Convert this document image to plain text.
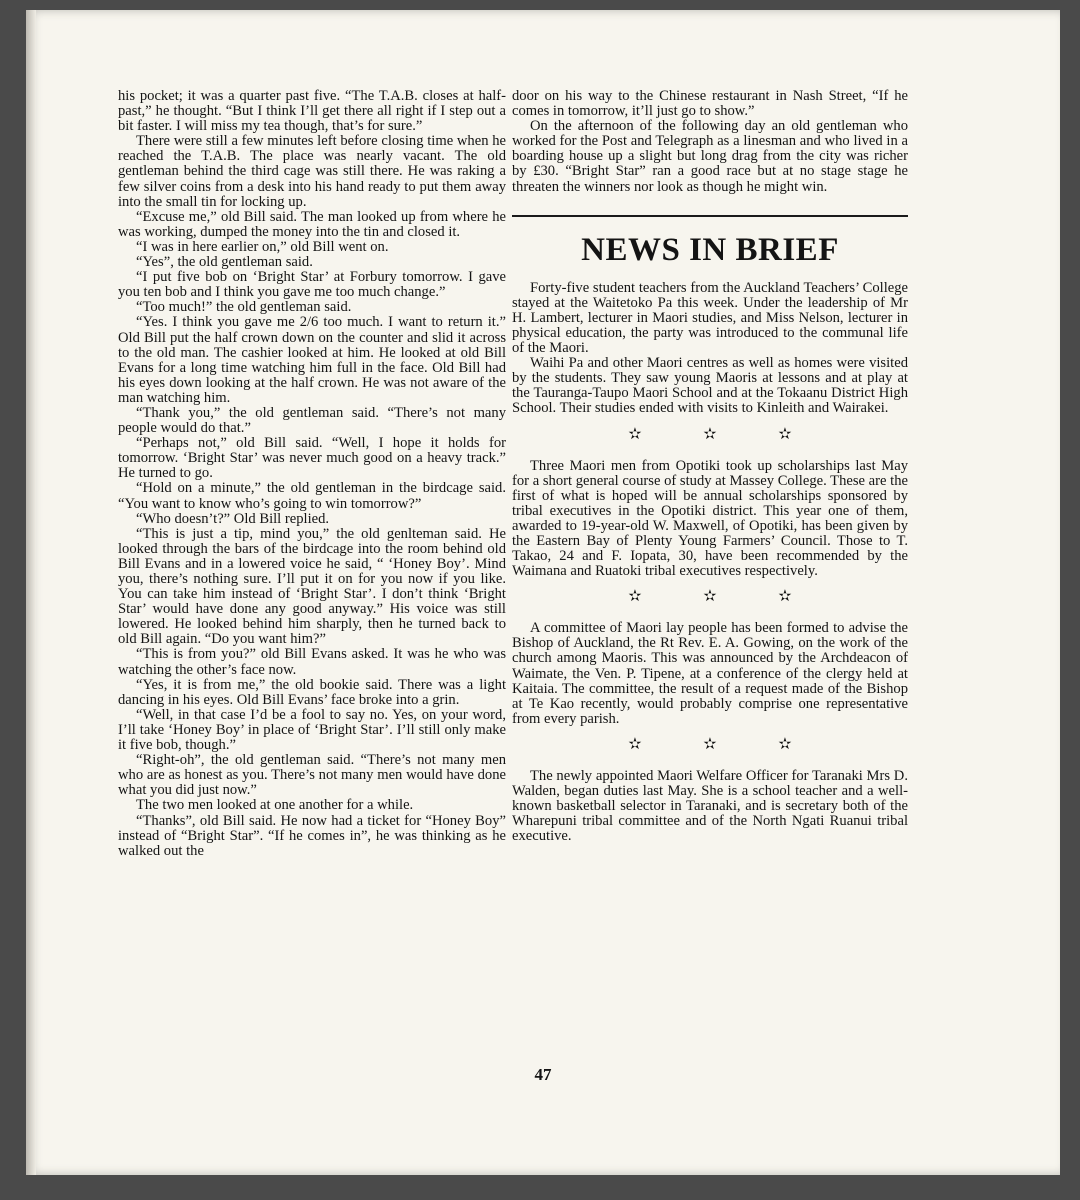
his pocket; it was a quarter past five. “The T.A.B. closes at half-past,” he thought. “But I think I’ll get there all right if I step out a bit faster. I will miss my tea though, that’s for sure.”

There were still a few minutes left before closing time when he reached the T.A.B. The place was nearly vacant. The old gentleman behind the third cage was still there. He was raking a few silver coins from a desk into his hand ready to put them away into the small tin for locking up.

“Excuse me,” old Bill said. The man looked up from where he was working, dumped the money into the tin and closed it.

“I was in here earlier on,” old Bill went on.

“Yes”, the old gentleman said.

“I put five bob on ‘Bright Star’ at Forbury tomorrow. I gave you ten bob and I think you gave me too much change.”

“Too much!” the old gentleman said.

“Yes. I think you gave me 2/6 too much. I want to return it.” Old Bill put the half crown down on the counter and slid it across to the old man. The cashier looked at him. He looked at old Bill Evans for a long time watching him full in the face. Old Bill had his eyes down looking at the half crown. He was not aware of the man watching him.

“Thank you,” the old gentleman said. “There’s not many people would do that.”

“Perhaps not,” old Bill said. “Well, I hope it holds for tomorrow. ‘Bright Star’ was never much good on a heavy track.” He turned to go.

“Hold on a minute,” the old gentleman in the birdcage said. “You want to know who’s going to win tomorrow?”

“Who doesn’t?” Old Bill replied.

“This is just a tip, mind you,” the old genlteman said. He looked through the bars of the birdcage into the room behind old Bill Evans and in a lowered voice he said, “ ‘Honey Boy’. Mind you, there’s nothing sure. I’ll put it on for you now if you like. You can take him instead of ‘Bright Star’. I don’t think ‘Bright Star’ would have done any good anyway.” His voice was still lowered. He looked behind him sharply, then he turned back to old Bill again. “Do you want him?”

“This is from you?” old Bill Evans asked. It was he who was watching the other’s face now.

“Yes, it is from me,” the old bookie said. There was a light dancing in his eyes. Old Bill Evans’ face broke into a grin.

“Well, in that case I’d be a fool to say no. Yes, on your word, I’ll take ‘Honey Boy’ in place of ‘Bright Star’. I’ll still only make it five bob, though.”

“Right-oh”, the old gentleman said. “There’s not many men who are as honest as you. There’s not many men would have done what you did just now.”

The two men looked at one another for a while.

“Thanks”, old Bill said. He now had a ticket for “Honey Boy” instead of “Bright Star”. “If he comes in”, he was thinking as he walked out the

door on his way to the Chinese restaurant in Nash Street, “If he comes in tomorrow, it’ll just go to show.”

On the afternoon of the following day an old gentleman who worked for the Post and Telegraph as a linesman and who lived in a boarding house up a slight but long drag from the city was richer by £30. “Bright Star” ran a good race but at no stage stage he threaten the winners nor look as though he might win.

NEWS IN BRIEF

Forty-five student teachers from the Auckland Teachers’ College stayed at the Waitetoko Pa this week. Under the leadership of Mr H. Lambert, lecturer in Maori studies, and Miss Nelson, lecturer in physical education, the party was introduced to the communal life of the Maori.

Waihi Pa and other Maori centres as well as homes were visited by the students. They saw young Maoris at lessons and at play at the Tauranga-Taupo Maori School and at the Tokaanu District High School. Their studies ended with visits to Kinleith and Wairakei.

✫	✫	✫

Three Maori men from Opotiki took up scholarships last May for a short general course of study at Massey College. These are the first of what is hoped will be annual scholarships sponsored by tribal executives in the Opotiki district. This year one of them, awarded to 19-year-old W. Maxwell, of Opotiki, has been given by the Eastern Bay of Plenty Young Farmers’ Council. Those to T. Takao, 24 and F. Iopata, 30, have been recommended by the Waimana and Ruatoki tribal executives respectively.

✫	✫	✫

A committee of Maori lay people has been formed to advise the Bishop of Auckland, the Rt Rev. E. A. Gowing, on the work of the church among Maoris. This was announced by the Archdeacon of Waimate, the Ven. P. Tipene, at a conference of the clergy held at Kaitaia. The committee, the result of a request made of the Bishop at Te Kao recently, would probably comprise one representative from every parish.

✫	✫	✫

The newly appointed Maori Welfare Officer for Taranaki Mrs D. Walden, began duties last May. She is a school teacher and a well-known basketball selector in Taranaki, and is secretary both of the Wharepuni tribal committee and of the North Ngati Ruanui tribal executive.

47
